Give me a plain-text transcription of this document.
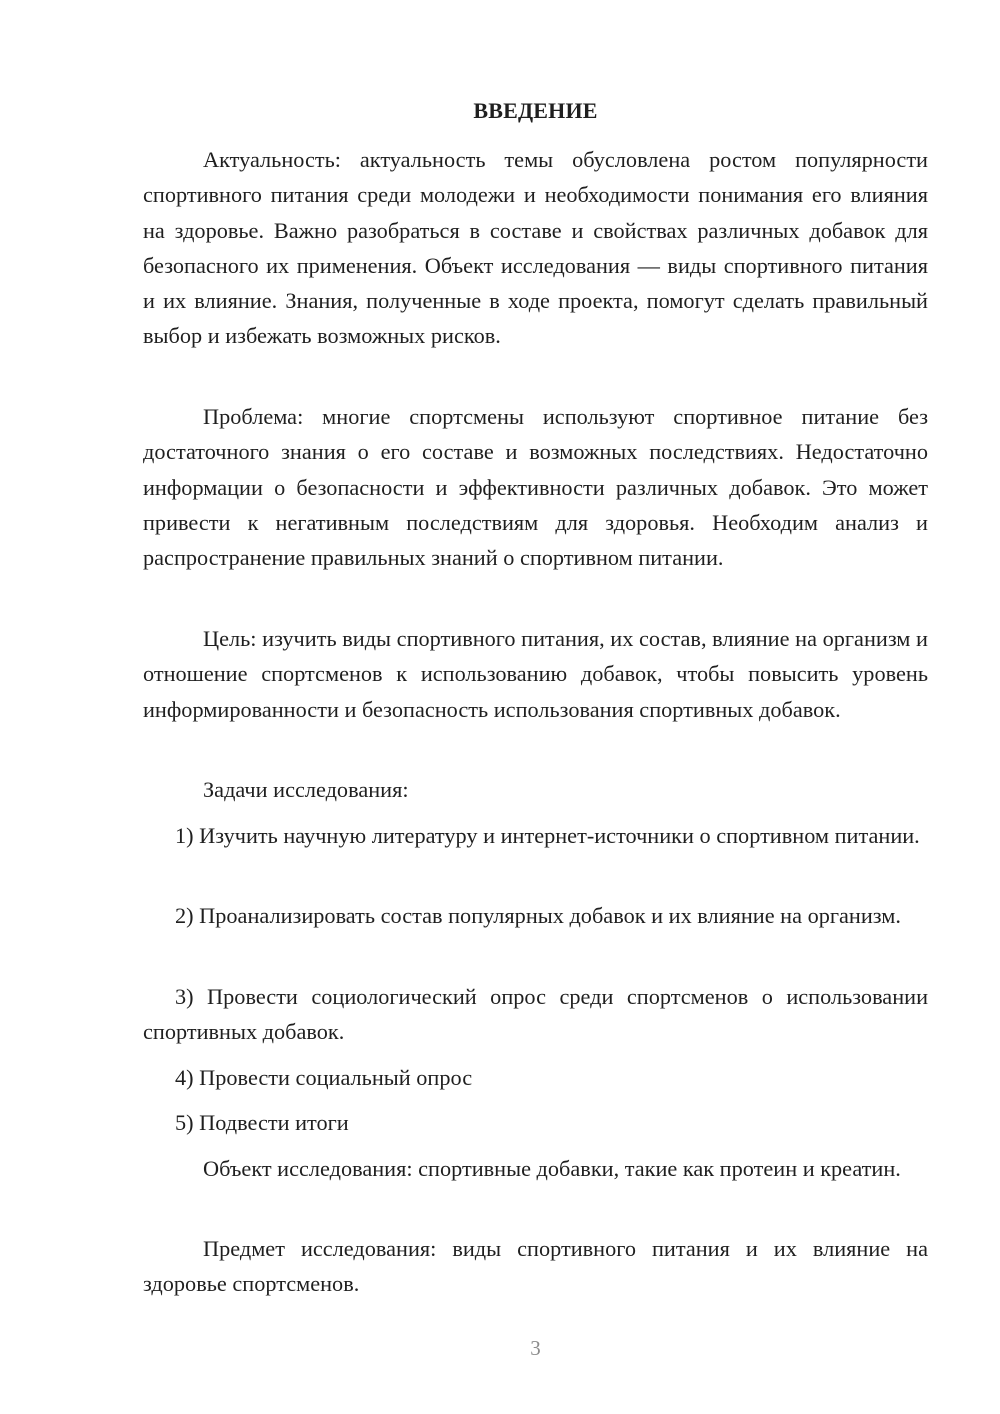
ВВЕДЕНИЕ

Актуальность: актуальность темы обусловлена ростом популярности спортивного питания среди молодежи и необходимости понимания его влияния на здоровье. Важно разобраться в составе и свойствах различных добавок для безопасного их применения. Объект исследования — виды спортивного питания и их влияние. Знания, полученные в ходе проекта, помогут сделать правильный выбор и избежать возможных рисков.

Проблема: многие спортсмены используют спортивное питание без достаточного знания о его составе и возможных последствиях. Недостаточно информации о безопасности и эффективности различных добавок. Это может привести к негативным последствиям для здоровья. Необходим анализ и распространение правильных знаний о спортивном питании.

Цель: изучить виды спортивного питания, их состав, влияние на организм и отношение спортсменов к использованию добавок, чтобы повысить уровень информированности и безопасность использования спортивных добавок.

Задачи исследования:

1) Изучить научную литературу и интернет-источники о спортивном питании.

2) Проанализировать состав популярных добавок и их влияние на организм.

3) Провести социологический опрос среди спортсменов о использовании спортивных добавок.

4) Провести социальный опрос

5) Подвести итоги

Объект исследования: спортивные добавки, такие как протеин и креатин.

Предмет исследования: виды спортивного питания и их влияние на здоровье спортсменов.

3
